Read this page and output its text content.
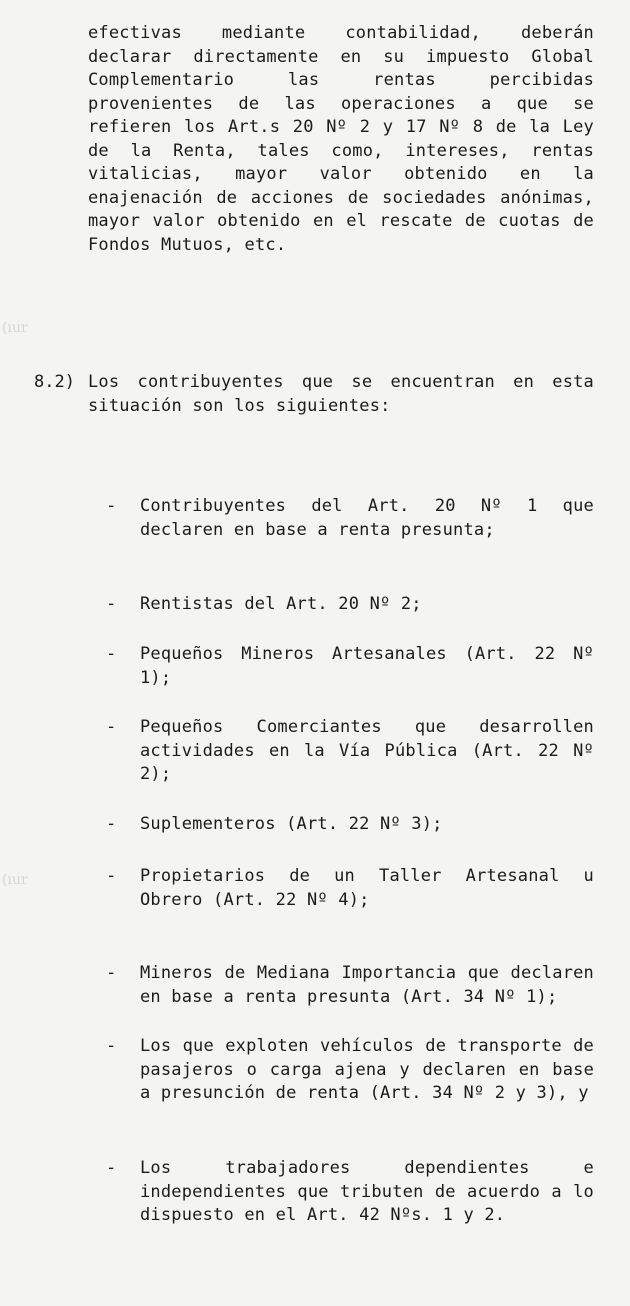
(ıur
(ıur
efectivas mediante contabilidad, deberán declarar directamente en su impuesto Global Complementario las rentas percibidas provenientes de las operaciones a que se refieren los Art.s 20 Nº 2 y 17 Nº 8 de la Ley de la Renta, tales como, intereses, rentas vitalicias, mayor valor obtenido en la enajenación de acciones de sociedades anónimas, mayor valor obtenido en el rescate de cuotas de Fondos Mutuos, etc.
8.2) Los contribuyentes que se encuentran en esta situación son los siguientes:
- Contribuyentes del Art. 20 Nº 1 que declaren en base a renta presunta;
- Rentistas del Art. 20 Nº 2;
- Pequeños Mineros Artesanales (Art. 22 Nº 1);
- Pequeños Comerciantes que desarrollen actividades en la Vía Pública (Art. 22 Nº 2);
- Suplementeros (Art. 22 Nº 3);
- Propietarios de un Taller Artesanal u Obrero (Art. 22 Nº 4);
- Mineros de Mediana Importancia que declaren en base a renta presunta (Art. 34 Nº 1);
- Los que exploten vehículos de transporte de pasajeros o carga ajena y declaren en base a presunción de renta (Art. 34 Nº 2 y 3), y
- Los trabajadores dependientes e independientes que tributen de acuerdo a lo dispuesto en el Art. 42 Nºs. 1 y 2.
